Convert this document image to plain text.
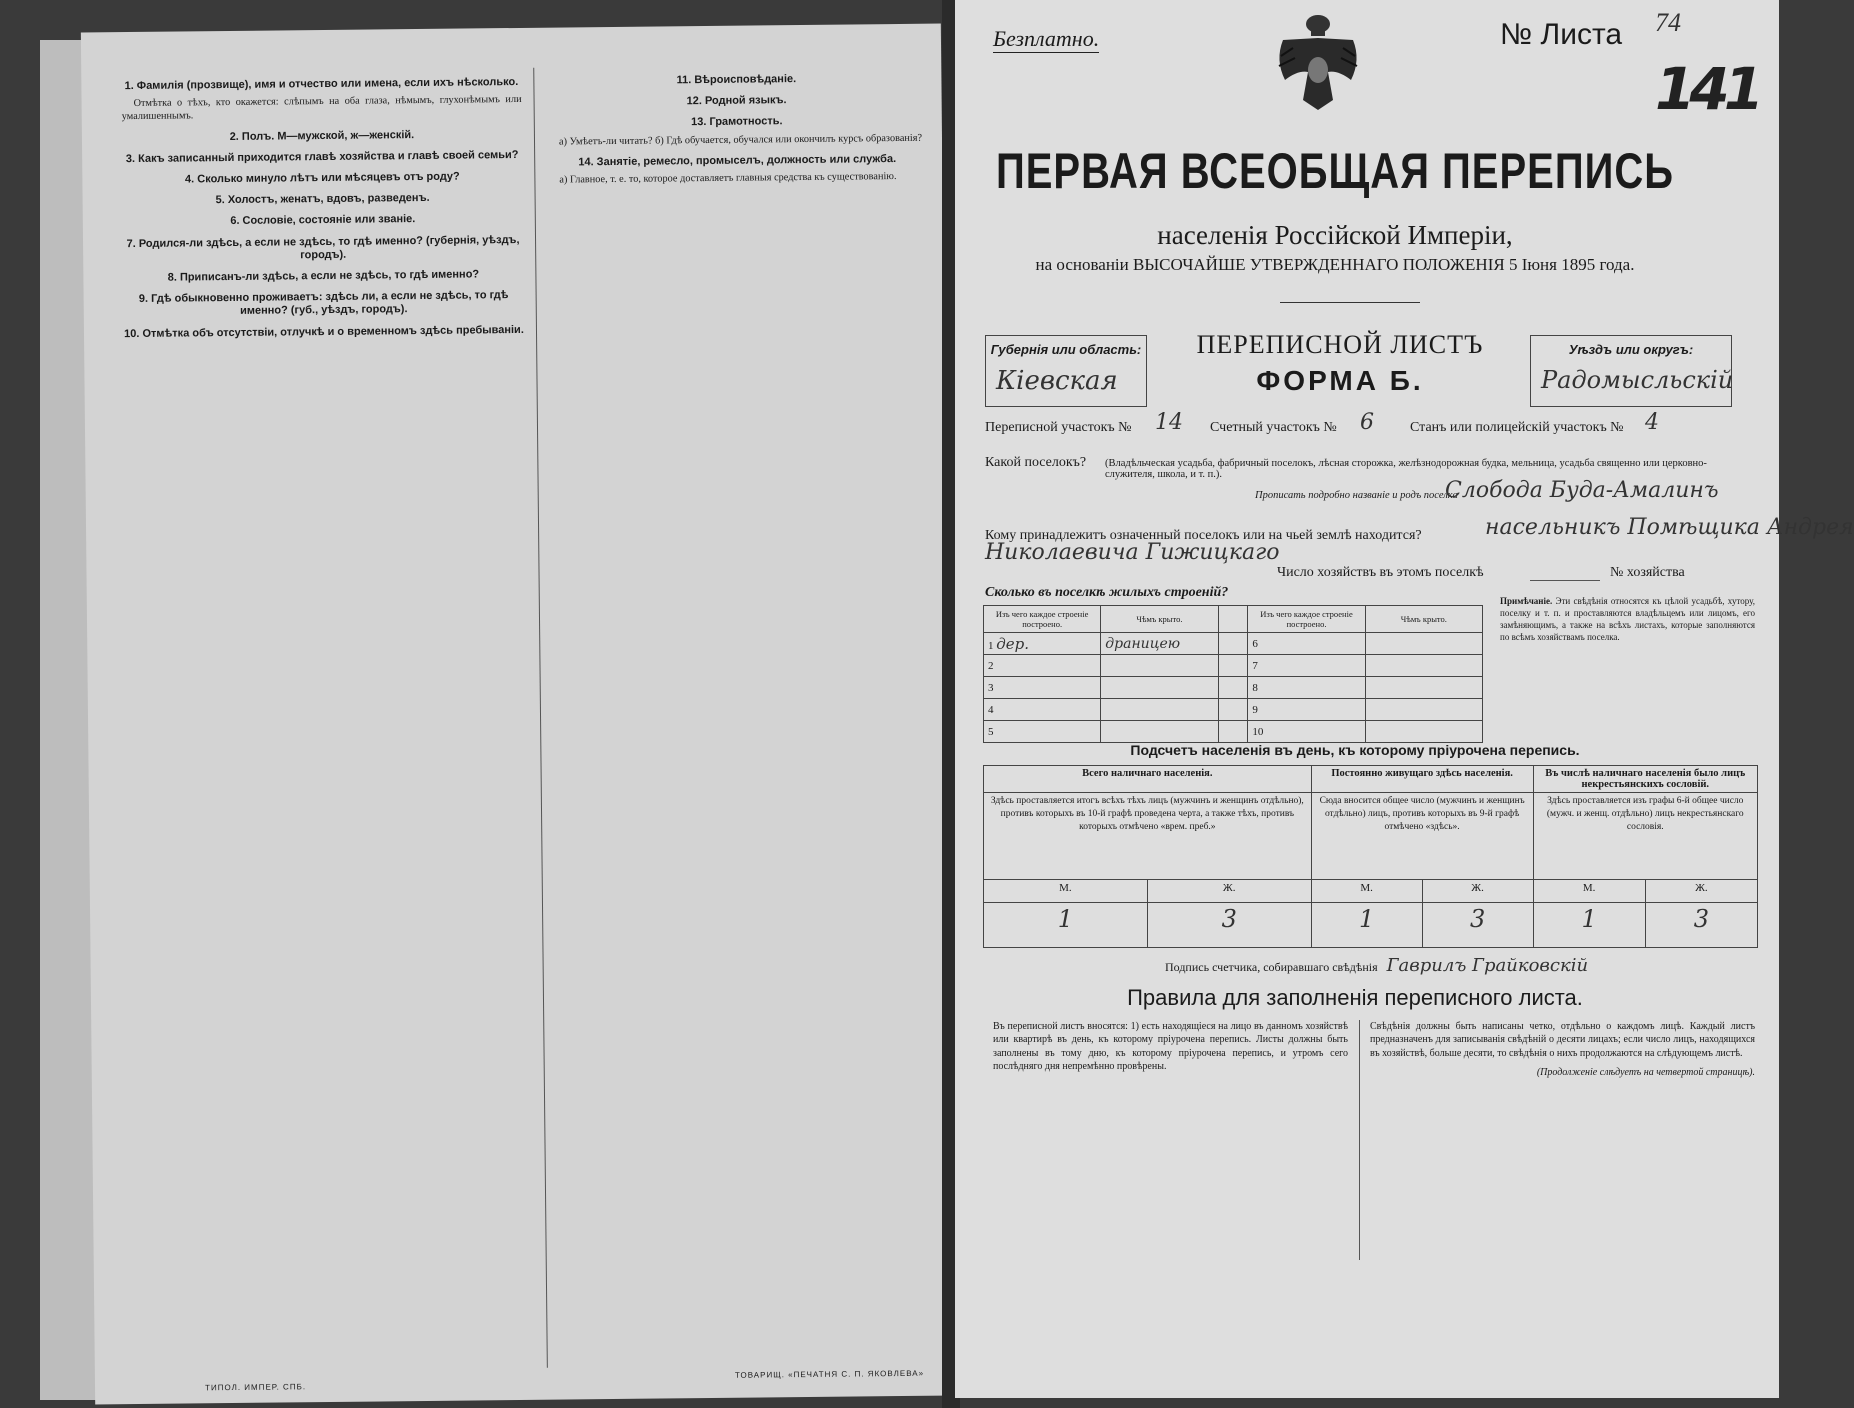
1. Фамилія (прозвище), имя и отчество или имена, если ихъ нѣсколько.

Отмѣтка о тѣхъ, кто окажется: слѣпымъ на оба глаза, нѣмымъ, глухонѣмымъ или умалишеннымъ.

2. Полъ. М—мужской, ж—женскій.
3. Какъ записанный приходится главѣ хозяйства и главѣ своей семьи?
4. Сколько минуло лѣтъ или мѣсяцевъ отъ роду?
5. Холостъ, женатъ, вдовъ, разведенъ.
6. Сословіе, состояніе или званіе.
7. Родился-ли здѣсь, а если не здѣсь, то гдѣ именно? (губернія, уѣздъ, городъ).
8. Приписанъ-ли здѣсь, а если не здѣсь, то гдѣ именно?
9. Гдѣ обыкновенно проживаетъ: здѣсь ли, а если не здѣсь, то гдѣ именно? (губ., уѣздъ, городъ).
10. Отмѣтка объ отсутствіи, отлучкѣ и о временномъ здѣсь пребываніи.
11. Вѣроисповѣданіе.
12. Родной языкъ.
13. Грамотность.

а) Умѣетъ-ли читать? б) Гдѣ обучается, обучался или окончилъ курсъ образованія?

14. Занятіе, ремесло, промыселъ, должность или служба.

а) Главное, т. е. то, которое доставляетъ главныя средства къ существованію.

ТИПОЛ. ИМПЕР. СПБ.
ТОВАРИЩ. «ПЕЧАТНЯ С. П. ЯКОВЛЕВА»
Безплатно.	№ Листа 74
141
ПЕРВАЯ ВСЕОБЩАЯ ПЕРЕПИСЬ
населенія Россійской Имперіи,
на основаніи ВЫСОЧАЙШЕ УТВЕРЖДЕННАГО ПОЛОЖЕНІЯ 5 Іюня 1895 года.
Губернія или область:
Кіевская
ПЕРЕПИСНОЙ ЛИСТЪ
ФОРМА Б.
Уѣздъ или округъ:
Радомысльскій
Переписной участокъ № 14 Счетный участокъ № 6	Станъ или полицейскій участокъ № 4
Какой поселокъ? (Владѣльческая усадьба, фабричный поселокъ, лѣсная сторожка, желѣзнодорожная будка, мельница, усадьба священно или церковно-служителя, школа, и т. п.).
Прописать подробно названіе и родъ поселка
Слобода Буда-Амалинъ
Кому принадлежитъ означенный поселокъ или на чьей землѣ находится?	насельникъ Помѣщика Андрея
Николаевича Гижицкаго
Число хозяйствъ въ этомъ поселкѣ	№ хозяйства
Сколько въ поселкѣ жилыхъ строеній?
Изъ чего каждое строеніе построено.	Чѣмъ крыто.		Изъ чего каждое строеніе построено.	Чѣмъ крыто.
1 дер.	драницею		6	
2			7	
3			8	
4			9	
5			10	
Примѣчаніе. Эти свѣдѣнія относятся къ цѣлой усадьбѣ, хутору, поселку и т. п. и проставляются владѣльцемъ или лицомъ, его замѣняющимъ, а также на всѣхъ листахъ, которые заполняются по всѣмъ хозяйствамъ поселка.
Подсчетъ населенія въ день, къ которому пріурочена перепись.
Всего наличнаго населенія.		Постоянно живущаго здѣсь населенія.		Въ числѣ наличнаго населенія было лицъ некрестьянскихъ сословій.	
Здѣсь проставляется итогъ всѣхъ тѣхъ лицъ (мужчинъ и женщинъ отдѣльно), противъ которыхъ въ 10-й графѣ проведена черта, а также тѣхъ, противъ которыхъ отмѣчено «врем. преб.»		Сюда вносится общее число (мужчинъ и женщинъ отдѣльно) лицъ, противъ которыхъ въ 9-й графѣ отмѣчено «здѣсь».		Здѣсь проставляется изъ графы 6-й общее число (мужч. и женщ. отдѣльно) лицъ некрестьянскаго сословія.	
М.	Ж.	М.	Ж.	М.	Ж.
1	3	1	3	1	3
Подпись счетчика, собиравшаго свѣдѣнія Гаврилъ Грайковскій
Правила для заполненія переписного листа.
Въ переписной листъ вносятся: 1) есть находящіеся на лицо въ данномъ хозяйствѣ или квартирѣ въ день, къ которому пріурочена перепись. Листы должны быть заполнены въ тому дню, къ которому пріурочена перепись, и утромъ сего послѣдняго дня непремѣнно провѣрены.
Свѣдѣнія должны быть написаны четко, отдѣльно о каждомъ лицѣ. Каждый листъ предназначенъ для записыванія свѣдѣній о десяти лицахъ; если число лицъ, находящихся въ хозяйствѣ, больше десяти, то свѣдѣнія о нихъ продолжаются на слѣдующемъ листѣ.
(Продолженіе слѣдуетъ на четвертой страницѣ).
